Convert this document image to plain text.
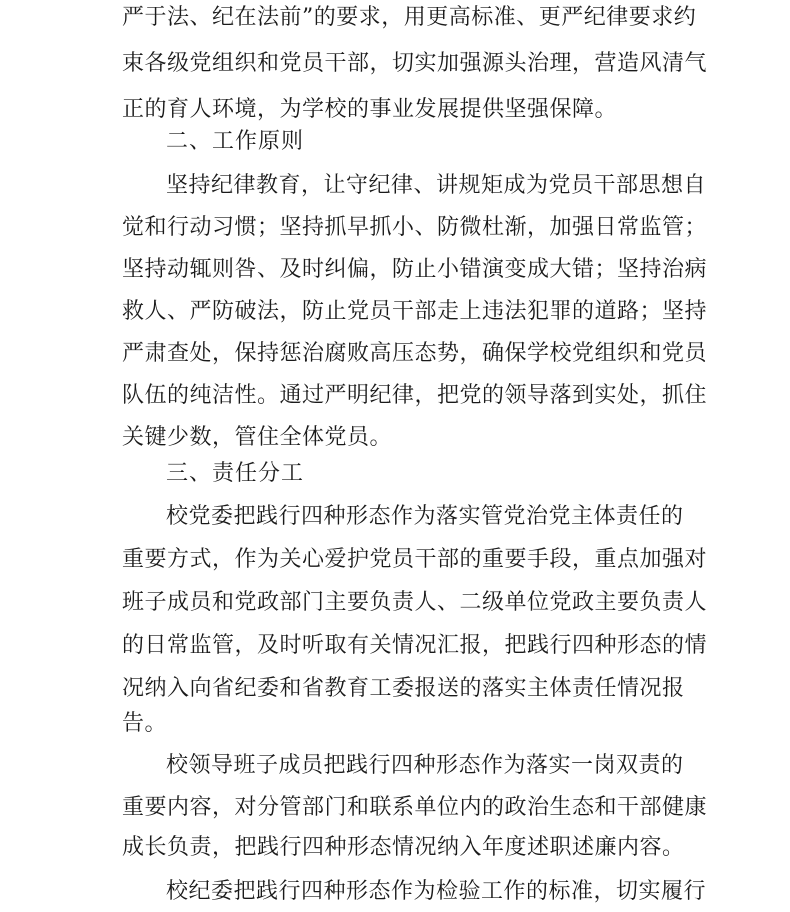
严于法、纪在法前”的要求，用更高标准、更严纪律要求约
束各级党组织和党员干部，切实加强源头治理，营造风清气
正的育人环境，为学校的事业发展提供坚强保障。
二、工作原则
坚持纪律教育，让守纪律、讲规矩成为党员干部思想自
觉和行动习惯；坚持抓早抓小、防微杜渐，加强日常监管；
坚持动辄则咎、及时纠偏，防止小错演变成大错；坚持治病
救人、严防破法，防止党员干部走上违法犯罪的道路；坚持
严肃查处，保持惩治腐败高压态势，确保学校党组织和党员
队伍的纯洁性。通过严明纪律，把党的领导落到实处，抓住
关键少数，管住全体党员。
三、责任分工
校党委把践行四种形态作为落实管党治党主体责任的
重要方式，作为关心爱护党员干部的重要手段，重点加强对
班子成员和党政部门主要负责人、二级单位党政主要负责人
的日常监管，及时听取有关情况汇报，把践行四种形态的情
况纳入向省纪委和省教育工委报送的落实主体责任情况报
告。
校领导班子成员把践行四种形态作为落实一岗双责的
重要内容，对分管部门和联系单位内的政治生态和干部健康
成长负责，把践行四种形态情况纳入年度述职述廉内容。
校纪委把践行四种形态作为检验工作的标准，切实履行
